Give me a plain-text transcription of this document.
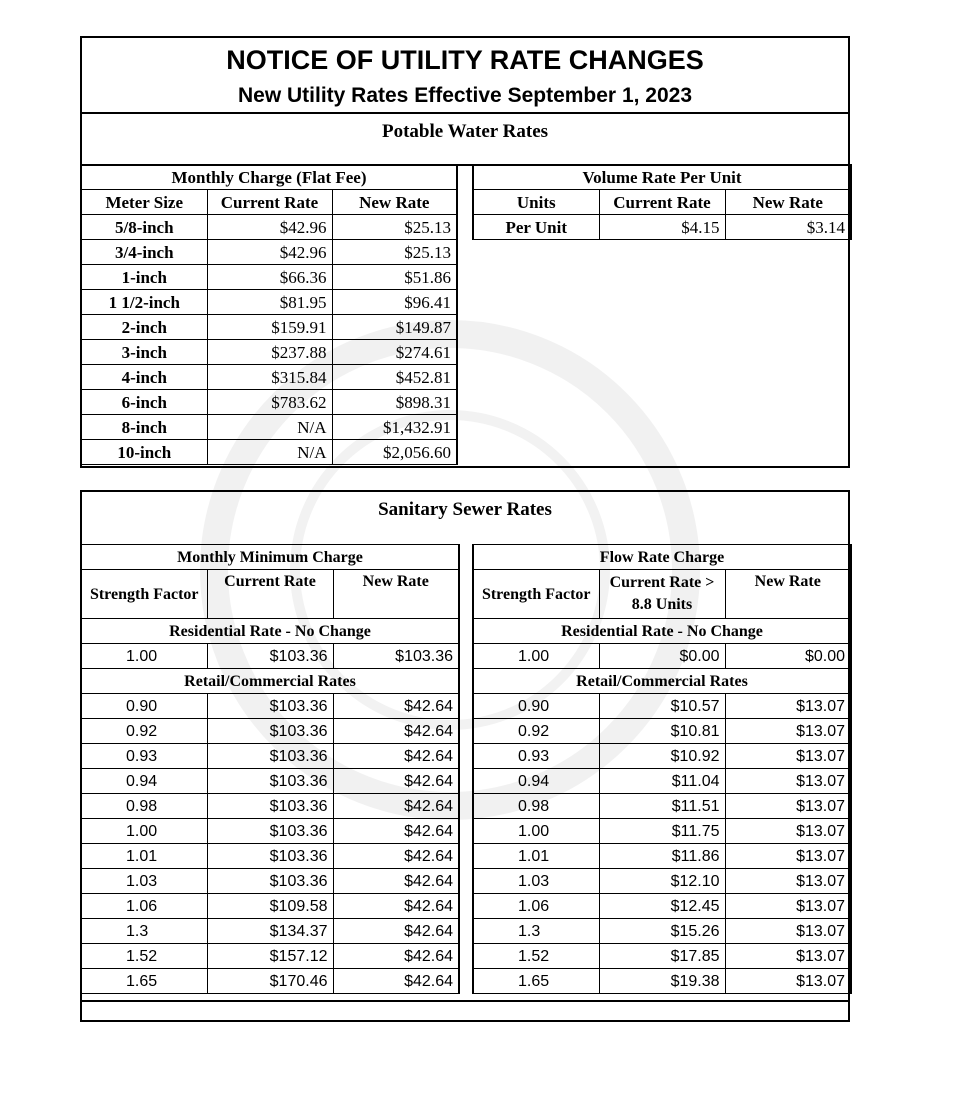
NOTICE OF UTILITY RATE CHANGES
New Utility Rates Effective September 1, 2023
Potable Water Rates
Monthly Charge (Flat Fee)		
Meter Size	Current Rate	New Rate
5/8-inch	$42.96	$25.13
3/4-inch	$42.96	$25.13
1-inch	$66.36	$51.86
1 1/2-inch	$81.95	$96.41
2-inch	$159.91	$149.87
3-inch	$237.88	$274.61
4-inch	$315.84	$452.81
6-inch	$783.62	$898.31
8-inch	N/A	$1,432.91
10-inch	N/A	$2,056.60
Volume Rate Per Unit		
Units	Current Rate	New Rate
Per Unit	$4.15	$3.14
Sanitary Sewer Rates
Monthly Minimum Charge		
Strength Factor	Current Rate	New Rate
Residential Rate - No Change		
1.00	$103.36	$103.36
Retail/Commercial Rates		
0.90	$103.36	$42.64
0.92	$103.36	$42.64
0.93	$103.36	$42.64
0.94	$103.36	$42.64
0.98	$103.36	$42.64
1.00	$103.36	$42.64
1.01	$103.36	$42.64
1.03	$103.36	$42.64
1.06	$109.58	$42.64
1.3	$134.37	$42.64
1.52	$157.12	$42.64
1.65	$170.46	$42.64
Flow Rate Charge		
Strength Factor	Current Rate > 8.8 Units	New Rate
Residential Rate - No Change		
1.00	$0.00	$0.00
Retail/Commercial Rates		
0.90	$10.57	$13.07
0.92	$10.81	$13.07
0.93	$10.92	$13.07
0.94	$11.04	$13.07
0.98	$11.51	$13.07
1.00	$11.75	$13.07
1.01	$11.86	$13.07
1.03	$12.10	$13.07
1.06	$12.45	$13.07
1.3	$15.26	$13.07
1.52	$17.85	$13.07
1.65	$19.38	$13.07
